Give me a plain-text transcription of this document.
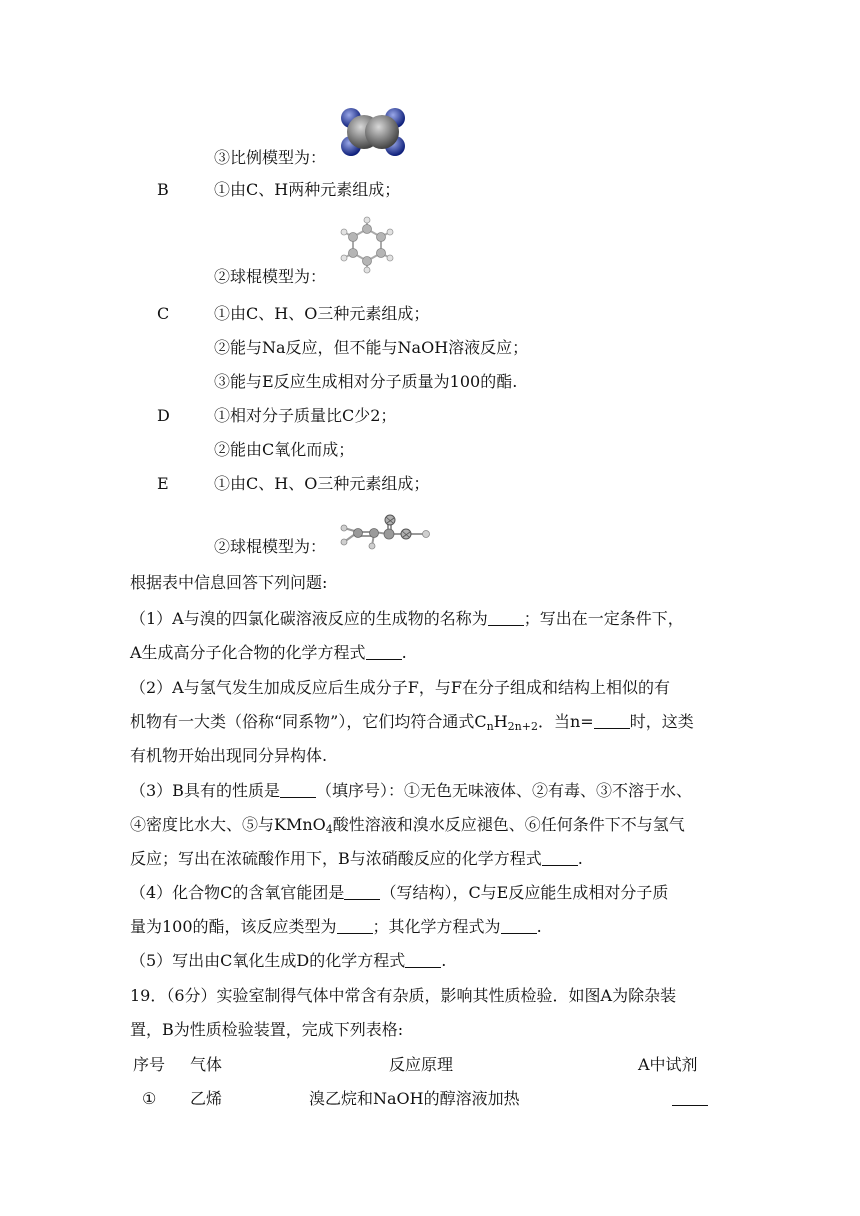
③比例模型为：
B	①由C、H两种元素组成；
②球棍模型为：
C	①由C、H、O三种元素组成；
②能与Na反应，但不能与NaOH溶液反应；
③能与E反应生成相对分子质量为100的酯.
D	①相对分子质量比C少2；
②能由C氧化而成；
E	①由C、H、O三种元素组成；
②球棍模型为：
根据表中信息回答下列问题:
（1）A与溴的四氯化碳溶液反应的生成物的名称为 ；写出在一定条件下，
A生成高分子化合物的化学方程式 .
（2）A与氢气发生加成反应后生成分子F，与F在分子组成和结构上相似的有
机物有一大类（俗称“同系物”），它们均符合通式$C_nH_{2n+2}$．当n= 时，这类
有机物开始出现同分异构体.
（3）B具有的性质是 （填序号）：①无色无味液体、②有毒、③不溶于水、
④密度比水大、⑤与KMnO$_4$酸性溶液和溴水反应褪色、⑥任何条件下不与氢气
反应；写出在浓硫酸作用下，B与浓硝酸反应的化学方程式 .
（4）化合物C的含氧官能团是 （写结构），C与E反应能生成相对分子质
量为100的酯，该反应类型为 ；其化学方程式为 .
（5）写出由C氧化生成D的化学方程式 .
19．（6分）实验室制得气体中常含有杂质，影响其性质检验．如图A为除杂装
置，B为性质检验装置，完成下列表格:
序号 气体	反应原理	A中试剂
① 乙烯	溴乙烷和NaOH的醇溶液加热
